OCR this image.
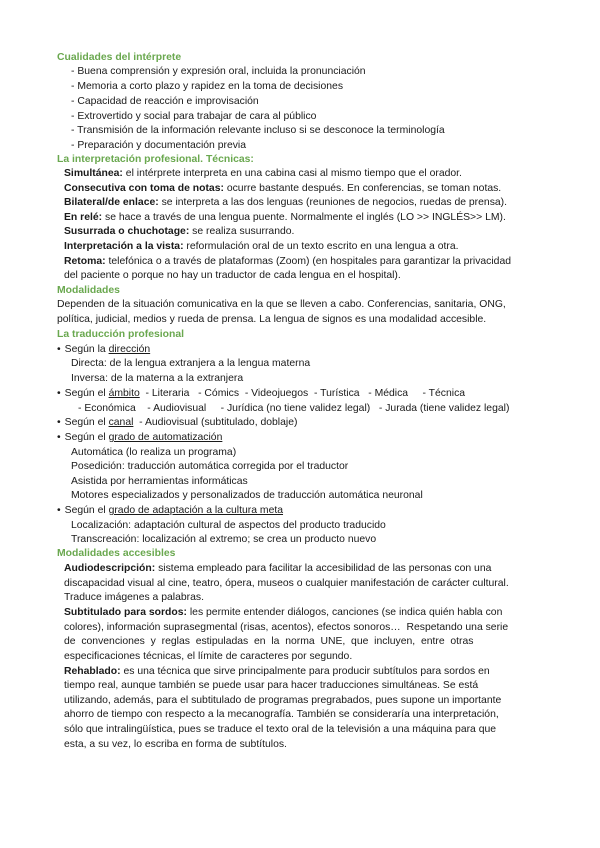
Cualidades del intérprete
- Buena comprensión y expresión oral, incluida la pronunciación
- Memoria a corto plazo y rapidez en la toma de decisiones
- Capacidad de reacción e improvisación
- Extrovertido y social para trabajar de cara al público
- Transmisión de la información relevante incluso si se desconoce la terminología
- Preparación y documentación previa
La interpretación profesional. Técnicas:
Simultánea: el intérprete interpreta en una cabina casi al mismo tiempo que el orador.
Consecutiva con toma de notas: ocurre bastante después. En conferencias, se toman notas.
Bilateral/de enlace: se interpreta a las dos lenguas (reuniones de negocios, ruedas de prensa).
En relé: se hace a través de una lengua puente. Normalmente el inglés (LO >> INGLÉS>> LM).
Susurrada o chuchotage: se realiza susurrando.
Interpretación a la vista: reformulación oral de un texto escrito en una lengua a otra.
Retoma: telefónica o a través de plataformas (Zoom) (en hospitales para garantizar la privacidad
del paciente o porque no hay un traductor de cada lengua en el hospital).
Modalidades
Dependen de la situación comunicativa en la que se lleven a cabo. Conferencias, sanitaria, ONG,
política, judicial, medios y rueda de prensa. La lengua de signos es una modalidad accesible.
La traducción profesional
• Según la dirección
Directa: de la lengua extranjera a la lengua materna
Inversa: de la materna a la extranjera
• Según el ámbito  - Literaria   - Cómics  - Videojuegos  - Turística   - Médica     - Técnica
- Económica    - Audiovisual     - Jurídica (no tiene validez legal)   - Jurada (tiene validez legal)
• Según el canal  - Audiovisual (subtitulado, doblaje)
• Según el grado de automatización
Automática (lo realiza un programa)
Posedición: traducción automática corregida por el traductor
Asistida por herramientas informáticas
Motores especializados y personalizados de traducción automática neuronal
• Según el grado de adaptación a la cultura meta
Localización: adaptación cultural de aspectos del producto traducido
Transcreación: localización al extremo; se crea un producto nuevo
Modalidades accesibles
Audiodescripción: sistema empleado para facilitar la accesibilidad de las personas con una
discapacidad visual al cine, teatro, ópera, museos o cualquier manifestación de carácter cultural.
Traduce imágenes a palabras.
Subtitulado para sordos: les permite entender diálogos, canciones (se indica quién habla con
colores), información suprasegmental (risas, acentos), efectos sonoros…  Respetando una serie
de  convenciones  y  reglas  estipuladas  en  la  norma  UNE,  que  incluyen,  entre  otras
especificaciones técnicas, el límite de caracteres por segundo.
Rehablado: es una técnica que sirve principalmente para producir subtítulos para sordos en
tiempo real, aunque también se puede usar para hacer traducciones simultáneas. Se está
utilizando, además, para el subtitulado de programas pregrabados, pues supone un importante
ahorro de tiempo con respecto a la mecanografía. También se consideraría una interpretación,
sólo que intralingüística, pues se traduce el texto oral de la televisión a una máquina para que
esta, a su vez, lo escriba en forma de subtítulos.
